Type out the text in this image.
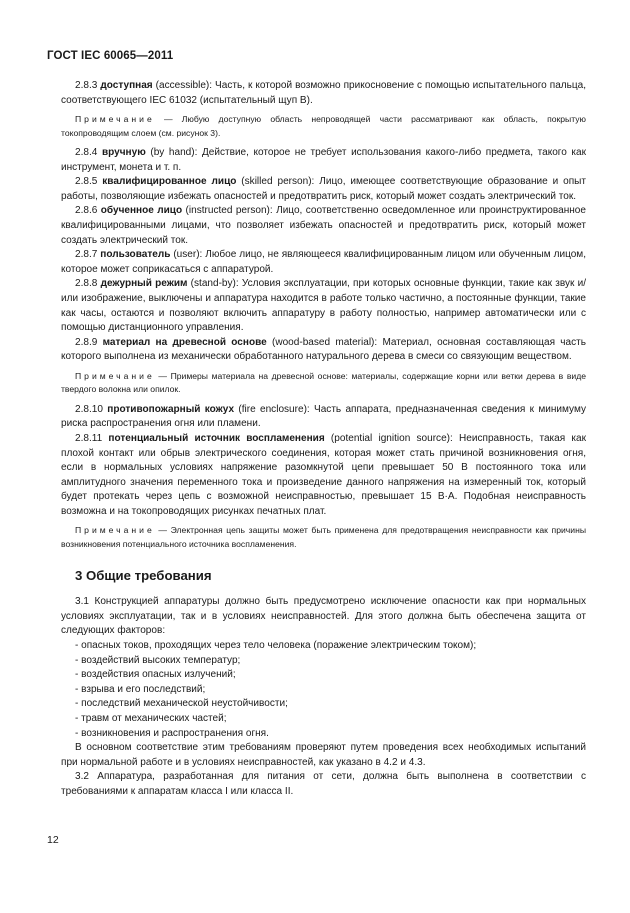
ГОСТ IEC 60065—2011

2.8.3 доступная (accessible): Часть, к которой возможно прикосновение с помощью испытательного пальца, соответствующего IEC 61032 (испытательный щуп В).

Примечание — Любую доступную область непроводящей части рассматривают как область, покрытую токопроводящим слоем (см. рисунок 3).

2.8.4 вручную (by hand): Действие, которое не требует использования какого-либо предмета, такого как инструмент, монета и т. п.

2.8.5 квалифицированное лицо (skilled person): Лицо, имеющее соответствующие образование и опыт работы, позволяющие избежать опасностей и предотвратить риск, который может создать электрический ток.

2.8.6 обученное лицо (instructed person): Лицо, соответственно осведомленное или проинструктированное квалифицированными лицами, что позволяет избежать опасностей и предотвратить риск, который может создать электрический ток.

2.8.7 пользователь (user): Любое лицо, не являющееся квалифицированным лицом или обученным лицом, которое может соприкасаться с аппаратурой.

2.8.8 дежурный режим (stand-by): Условия эксплуатации, при которых основные функции, такие как звук и/или изображение, выключены и аппаратура находится в работе только частично, а постоянные функции, такие как часы, остаются и позволяют включить аппаратуру в работу полностью, например автоматически или с помощью дистанционного управления.

2.8.9 материал на древесной основе (wood-based material): Материал, основная составляющая часть которого выполнена из механически обработанного натурального дерева в смеси со связующим веществом.

Примечание — Примеры материала на древесной основе: материалы, содержащие корни или ветки дерева в виде твердого волокна или опилок.

2.8.10 противопожарный кожух (fire enclosure): Часть аппарата, предназначенная сведения к минимуму риска распространения огня или пламени.

2.8.11 потенциальный источник воспламенения (potential ignition source): Неисправность, такая как плохой контакт или обрыв электрического соединения, которая может стать причиной возникновения огня, если в нормальных условиях напряжение разомкнутой цепи превышает 50 В постоянного тока или амплитудного значения переменного тока и произведение данного напряжения на измеренный ток, который будет протекать через цепь с возможной неисправностью, превышает 15 В·А. Подобная неисправность возможна и на токопроводящих рисунках печатных плат.

Примечание — Электронная цепь защиты может быть применена для предотвращения неисправности как причины возникновения потенциального источника воспламенения.

3 Общие требования

3.1 Конструкцией аппаратуры должно быть предусмотрено исключение опасности как при нормальных условиях эксплуатации, так и в условиях неисправностей. Для этого должна быть обеспечена защита от следующих факторов:

- опасных токов, проходящих через тело человека (поражение электрическим током);

- воздействий высоких температур;

- воздействия опасных излучений;

- взрыва и его последствий;

- последствий механической неустойчивости;

- травм от механических частей;

- возникновения и распространения огня.

В основном соответствие этим требованиям проверяют путем проведения всех необходимых испытаний при нормальной работе и в условиях неисправностей, как указано в 4.2 и 4.3.

3.2 Аппаратура, разработанная для питания от сети, должна быть выполнена в соответствии с требованиями к аппаратам класса I или класса II.

12
